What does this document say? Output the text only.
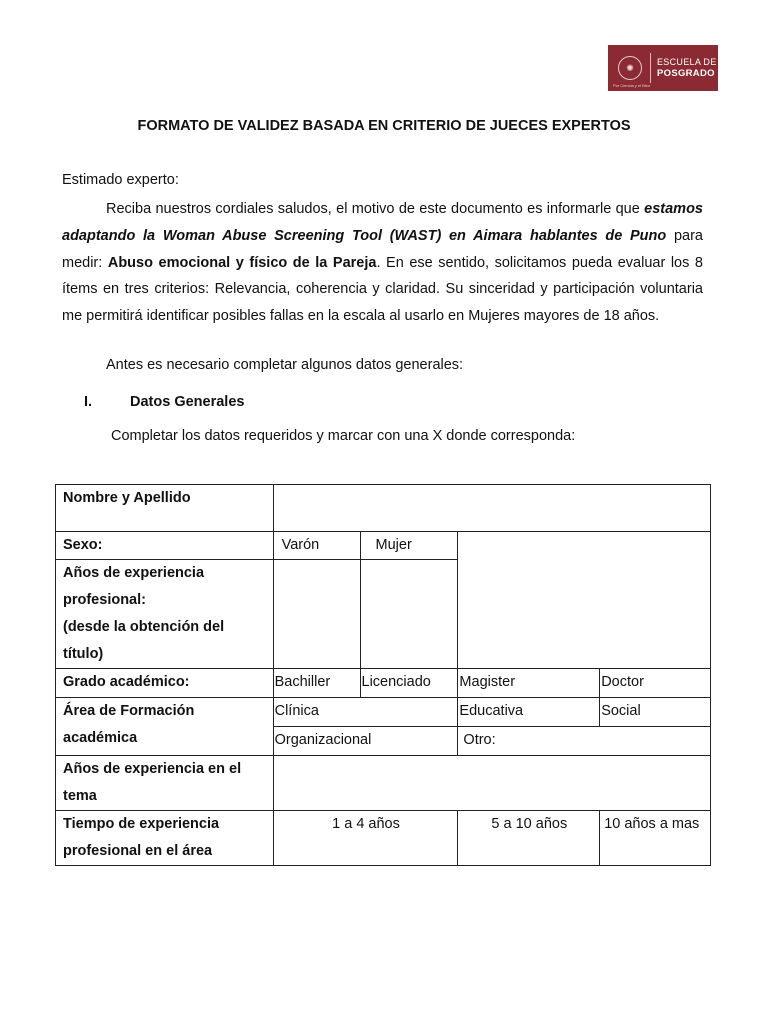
✺
Por Ciencia y el Bien
ESCUELA DE
POSGRADO
FORMATO DE VALIDEZ BASADA EN CRITERIO DE JUECES EXPERTOS
Estimado experto:

Reciba nuestros cordiales saludos, el motivo de este documento es informarle que estamos adaptando la Woman Abuse Screening Tool (WAST) en Aimara hablantes de Puno para medir: Abuso emocional y físico de la Pareja. En ese sentido, solicitamos pueda evaluar los 8 ítems en tres criterios: Relevancia, coherencia y claridad. Su sinceridad y participación voluntaria me permitirá identificar posibles fallas en la escala al usarlo en Mujeres mayores de 18 años.

Antes es necesario completar algunos datos generales:
I.	Datos Generales
Completar los datos requeridos y marcar con una X donde corresponda:
Nombre y Apellido				
Sexo:	Varón	Mujer		

Años de experiencia
profesional:
(desde la obtención del
título)				

Grado académico:	Bachiller	Licenciado	Magister	Doctor

Área de Formación
académica	Clínica		Educativa	Social
	Organizacional		Otro:	

Años de experiencia en el
tema				

Tiempo de experiencia
profesional en el área	1 a 4 años		5 a 10 años	10 años a mas
